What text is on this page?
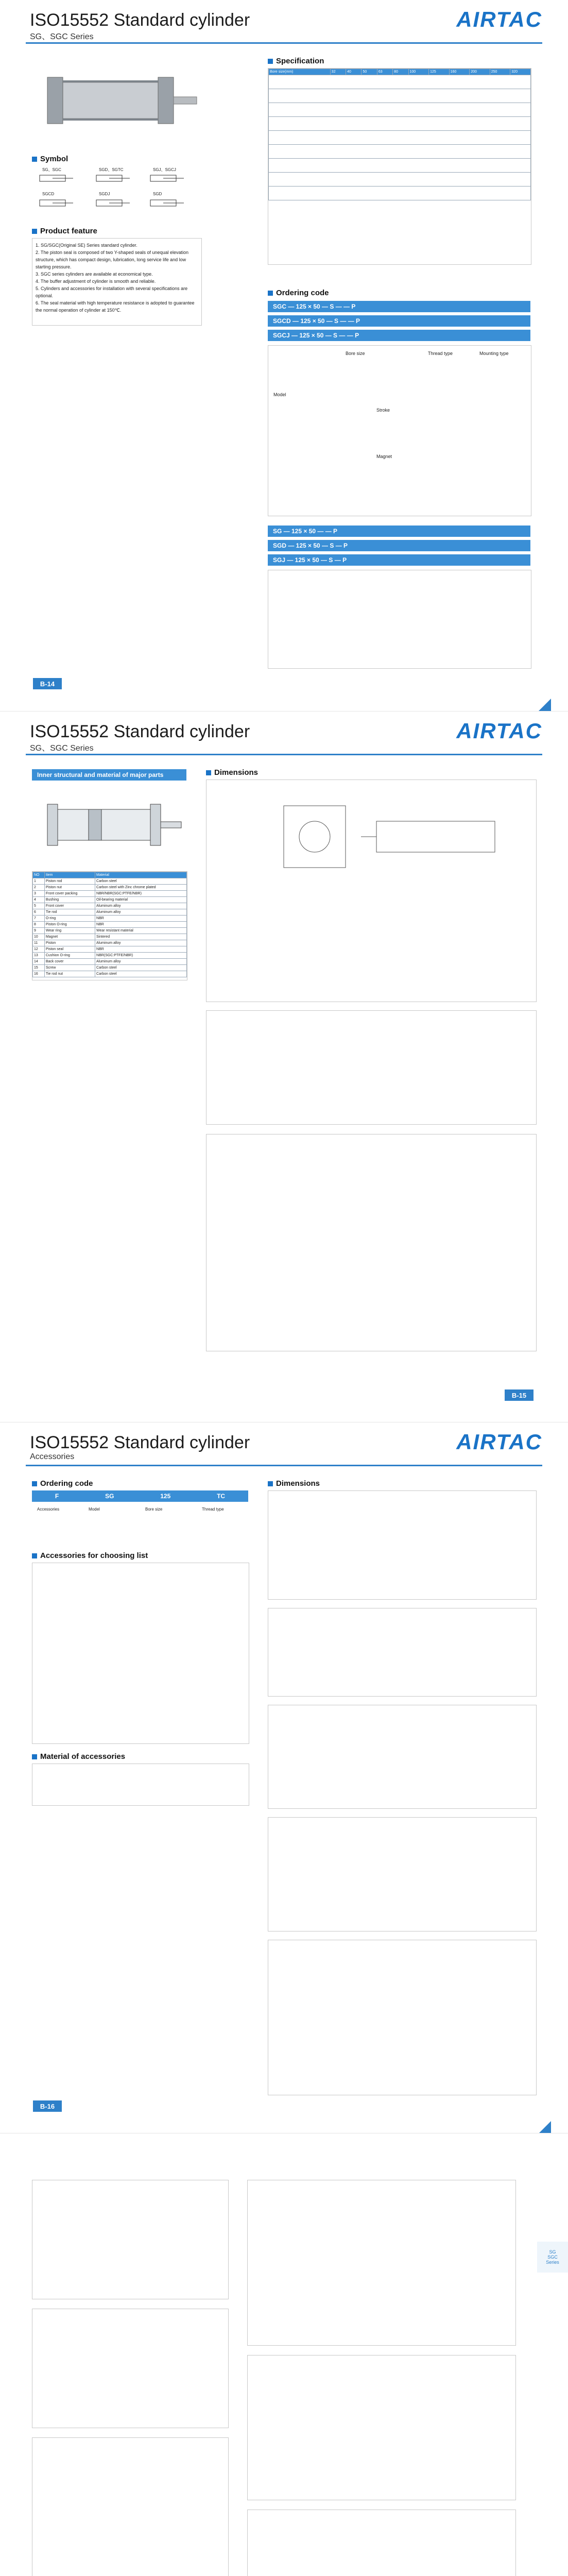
ISO15552 Standard cylinder
SG、SGC Series
AIRTAC
Symbol
SG、SGC	SGD、SGTC	SGJ、SGCJ
SGCD	SGDJ	SGD
Product feature
1. SG/SGC(Original SE) Series standard cylinder.
2. The piston seal is composed of two Y-shaped seals of unequal elevation structure, which has compact design, lubrication, long service life and low starting pressure.
3. SGC series cylinders are available at economical type.
4. The buffer adjustment of cylinder is smooth and reliable.
5. Cylinders and accessories for installation with several specifications are optional.
6. The seal material with high temperature resistance is adopted to guarantee the normal operation of cylinder at 150℃.
Specification
Bore size(mm)	32	40	50	63	80	100	125	160	200	250	320

Ordering code
SGC — 125 × 50 — S — — P
SGCD — 125 × 50 — S — — P
SGCJ — 125 × 50 — S — — P
Model
Bore size
Stroke
Magnet
Thread type	Mounting type
SG — 125 × 50 — — P
SGD — 125 × 50 — S — P
SGJ — 125 × 50 — S — P
B-14
ISO15552 Standard cylinder
SG、SGC Series
AIRTAC
Inner structural and material of major parts
NO	Item	Material
1	Piston rod	Carbon steel
2	Piston nut	Carbon steel with Zinc chrome plated
3	Front cover packing	NBR/NBR(SGC:PTFE/NBR)
4	Bushing	Oil-bearing material
5	Front cover	Aluminum alloy
6	Tie rod	Aluminum alloy
7	O-ring	NBR
8	Piston O-ring	NBR
9	Wear ring	Wear resistant material
10	Magnet	Sintered
11	Piston	Aluminum alloy
12	Piston seal	NBR
13	Cushion O-ring	NBR(SGC:PTFE/NBR)
14	Back cover	Aluminum alloy
15	Screw	Carbon steel
16	Tie rod nut	Carbon steel
Dimensions
B-15
ISO15552 Standard cylinder
Accessories
AIRTAC
Ordering code
F	SG	125	TC
Accessories	Model	Bore size	Thread type
Accessories for choosing list
Material of accessories
Dimensions
B-16
SG
SGC
Series
